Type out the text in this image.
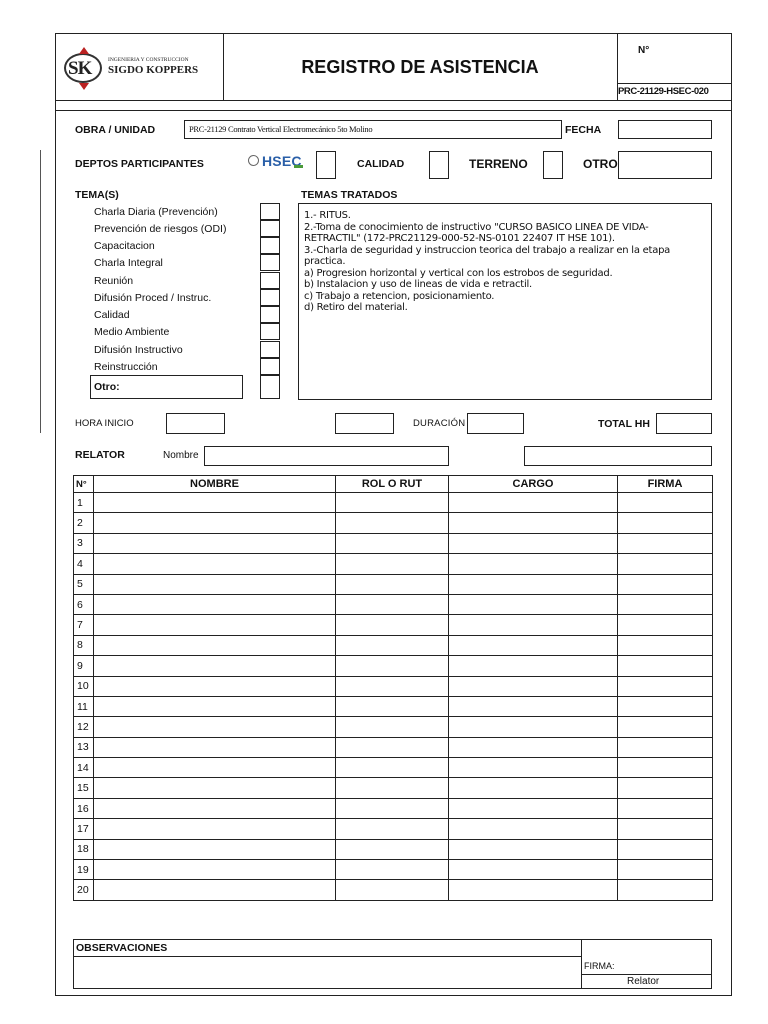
SK	INGENIERIA Y CONSTRUCCION
SIGDO KOPPERS	REGISTRO DE ASISTENCIA
N°
PRC-21129-HSEC-020
OBRA / UNIDAD	PRC-21129 Contrato Vertical Electromecánico 5to Molino	FECHA
DEPTOS PARTICIPANTES	HSEC	CALIDAD	TERRENO	OTRO
TEMA(S)
Charla Diaria (Prevención)
Prevención de riesgos (ODI)
Capacitacion
Charla Integral
Reunión
Difusión Proced / Instruc.
Calidad
Medio Ambiente
Difusión Instructivo
Reinstrucción
Otro:
TEMAS TRATADOS
1.- RITUS.
2.-Toma de conocimiento de instructivo "CURSO BASICO LINEA DE VIDA-
RETRACTIL" (172-PRC21129-000-52-NS-0101 22407 IT HSE 101).
3.-Charla de seguridad y instruccion teorica del trabajo a realizar en la etapa
practica.
a) Progresion horizontal y vertical con los estrobos de seguridad.
b) Instalacion y uso de lineas de vida e retractil.
c) Trabajo a retencion, posicionamiento.
d) Retiro del material.
HORA INICIO	DURACIÓN	TOTAL HH
RELATOR	Nombre
N°	NOMBRE	ROL O RUT	CARGO	FIRMA
1				
2				
3				
4				
5				
6				
7				
8				
9				
10				
11				
12				
13				
14				
15				
16				
17				
18				
19				
20				
OBSERVACIONES
FIRMA:
Relator
